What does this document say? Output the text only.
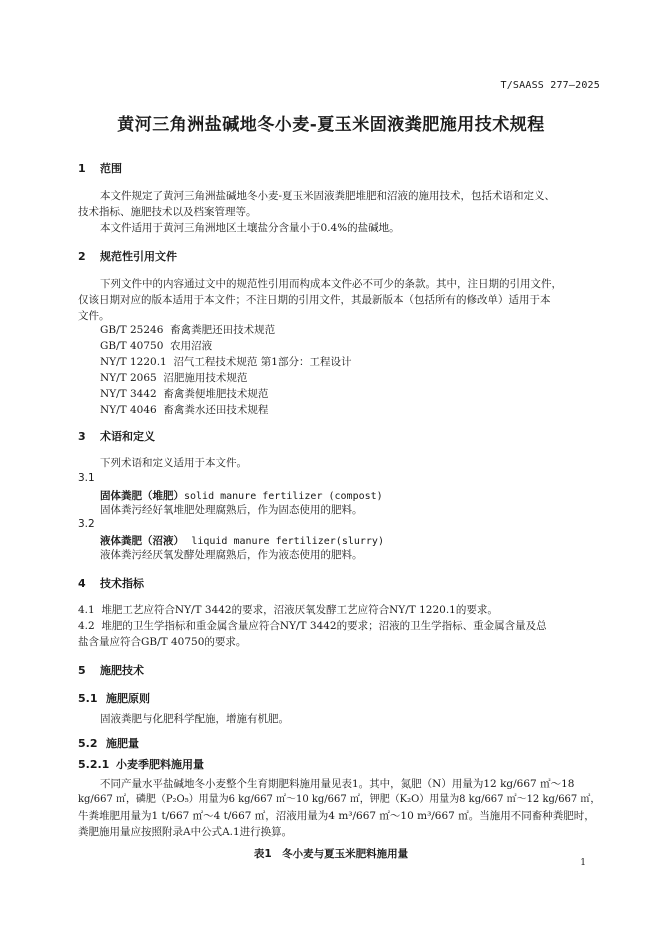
T/SAASS 277—2025
黄河三角洲盐碱地冬小麦-夏玉米固液粪肥施用技术规程
1 范围
本文件规定了黄河三角洲盐碱地冬小麦-夏玉米固液粪肥堆肥和沼液的施用技术，包括术语和定义、
技术指标、施肥技术以及档案管理等。
本文件适用于黄河三角洲地区土壤盐分含量小于0.4%的盐碱地。
2 规范性引用文件
下列文件中的内容通过文中的规范性引用而构成本文件必不可少的条款。其中，注日期的引用文件，
仅该日期对应的版本适用于本文件；不注日期的引用文件，其最新版本（包括所有的修改单）适用于本
文件。
GB/T 25246 畜禽粪肥还田技术规范
GB/T 40750 农用沼液
NY/T 1220.1 沼气工程技术规范 第1部分：工程设计
NY/T 2065 沼肥施用技术规范
NY/T 3442 畜禽粪便堆肥技术规范
NY/T 4046 畜禽粪水还田技术规程
3 术语和定义
下列术语和定义适用于本文件。
3.1
固体粪肥（堆肥）solid manure fertilizer (compost)
固体粪污经好氧堆肥处理腐熟后，作为固态使用的肥料。
3.2
液体粪肥（沼液） liquid manure fertilizer(slurry)
液体粪污经厌氧发酵处理腐熟后，作为液态使用的肥料。
4 技术指标
4.1 堆肥工艺应符合NY/T 3442的要求，沼液厌氧发酵工艺应符合NY/T 1220.1的要求。
4.2 堆肥的卫生学指标和重金属含量应符合NY/T 3442的要求；沼液的卫生学指标、重金属含量及总
盐含量应符合GB/T 40750的要求。
5 施肥技术
5.1 施肥原则
固液粪肥与化肥科学配施，增施有机肥。
5.2 施肥量
5.2.1 小麦季肥料施用量
不同产量水平盐碱地冬小麦整个生育期肥料施用量见表1。其中，氮肥（N）用量为12 kg/667 ㎡～18
kg/667 ㎡，磷肥（P₂O₅）用量为6 kg/667 ㎡～10 kg/667 ㎡，钾肥（K₂O）用量为8 kg/667 ㎡～12 kg/667 ㎡，
牛粪堆肥用量为1 t/667 ㎡～4 t/667 ㎡，沼液用量为4 m³/667 ㎡～10 m³/667 ㎡。当施用不同畜种粪肥时，
粪肥施用量应按照附录A中公式A.1进行换算。
表1　冬小麦与夏玉米肥料施用量
1
